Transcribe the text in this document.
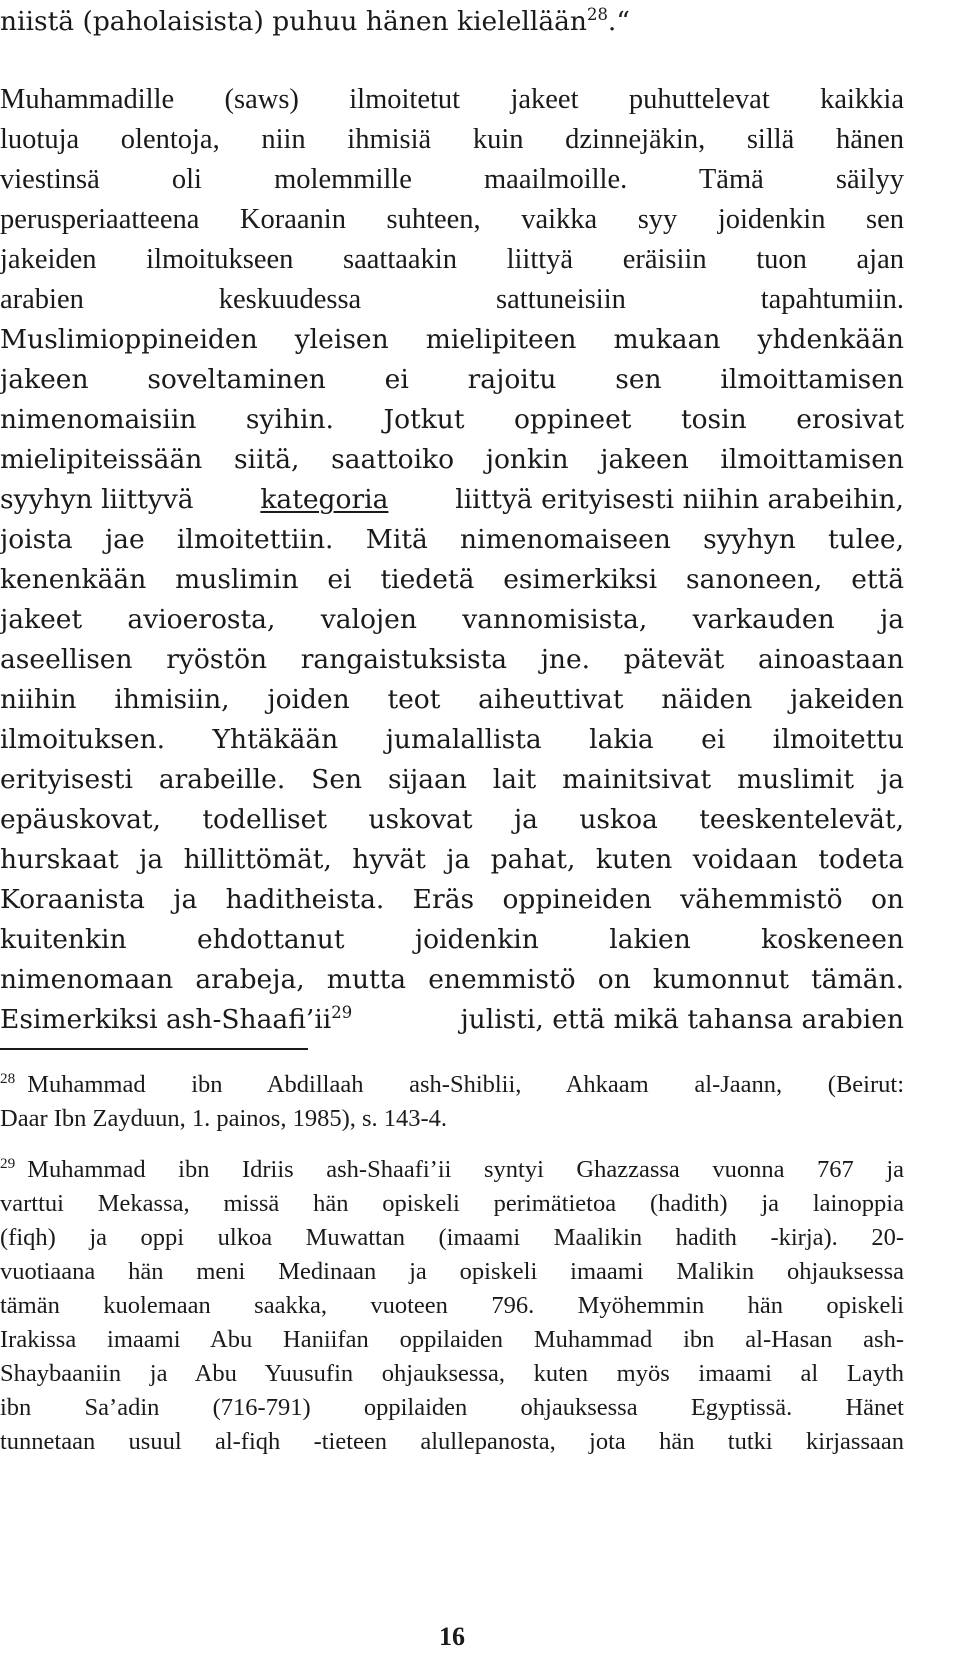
niistä (paholaisista) puhuu hänen kielellään$^{28}$.“
Muhammadille (saws) ilmoitetut jakeet puhuttelevat kaikkia
luotuja olentoja, niin ihmisiä kuin dzinnejäkin, sillä hänen
viestinsä oli molemmille maailmoille. Tämä säilyy
perusperiaatteena Koraanin suhteen, vaikka syy joidenkin sen
jakeiden ilmoitukseen saattaakin liittyä eräisiin tuon ajan
arabien keskuudessa sattuneisiin tapahtumiin.
Muslimioppineiden yleisen mielipiteen mukaan yhdenkään
jakeen soveltaminen ei rajoitu sen ilmoittamisen
nimenomaisiin syihin. Jotkut oppineet tosin erosivat
mielipiteissään siitä, saattoiko jonkin jakeen ilmoittamisen
syyhyn liittyvä	kategoria	liittyä erityisesti niihin arabeihin,
joista jae ilmoitettiin. Mitä nimenomaiseen syyhyn tulee,
kenenkään muslimin ei tiedetä esimerkiksi sanoneen, että
jakeet avioerosta, valojen vannomisista, varkauden ja
aseellisen ryöstön rangaistuksista jne. pätevät ainoastaan
niihin ihmisiin, joiden teot aiheuttivat näiden jakeiden
ilmoituksen. Yhtäkään jumalallista lakia ei ilmoitettu
erityisesti arabeille. Sen sijaan lait mainitsivat muslimit ja
epäuskovat, todelliset uskovat ja uskoa teeskentelevät,
hurskaat ja hillittömät, hyvät ja pahat, kuten voidaan todeta
Koraanista ja haditheista. Eräs oppineiden vähemmistö on
kuitenkin ehdottanut joidenkin lakien koskeneen
nimenomaan arabeja, mutta enemmistö on kumonnut tämän.
Esimerkiksi ash-$Shaafi’ii^{29}$	julisti, että mikä tahansa arabien
$^{28}$ Muhammad ibn Abdillaah ash-Shiblii, Ahkaam al-Jaann, (Beirut:
Daar Ibn Zayduun, 1. painos, 1985), s. 143-4.
$^{29}$ Muhammad ibn Idriis ash-Shaafi’ii syntyi Ghazzassa vuonna 767 ja
varttui Mekassa, missä hän opiskeli perimätietoa (hadith) ja lainoppia
(fiqh) ja oppi ulkoa Muwattan (imaami Maalikin hadith -kirja). 20-
vuotiaana hän meni Medinaan ja opiskeli imaami Malikin ohjauksessa
tämän kuolemaan saakka, vuoteen 796. Myöhemmin hän opiskeli
Irakissa imaami Abu Haniifan oppilaiden Muhammad ibn al-Hasan ash-
Shaybaaniin ja Abu Yuusufin ohjauksessa, kuten myös imaami al Layth
ibn Sa’adin (716-791) oppilaiden ohjauksessa Egyptissä. Hänet
tunnetaan usuul al-fiqh -tieteen alullepanosta, jota hän tutki kirjassaan
16
